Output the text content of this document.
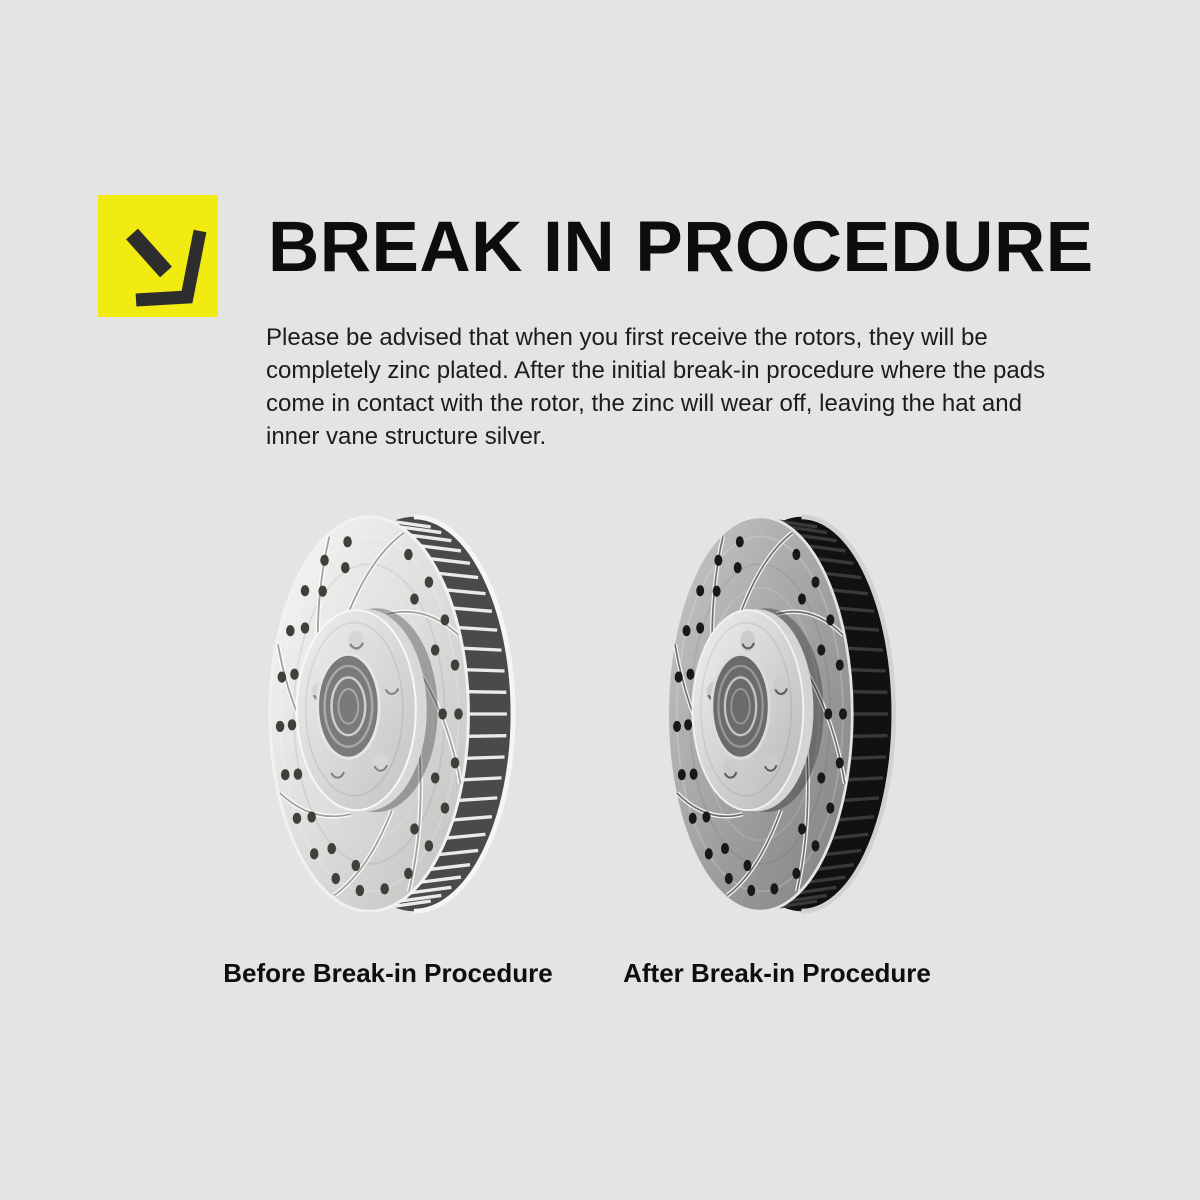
BREAK IN PROCEDURE
Please be advised that when you first receive the rotors, they will be
completely zinc plated. After the initial break-in procedure where the pads
come in contact with the rotor, the zinc will wear off, leaving the hat and
inner vane structure silver.
Before Break-in Procedure	After Break-in Procedure
